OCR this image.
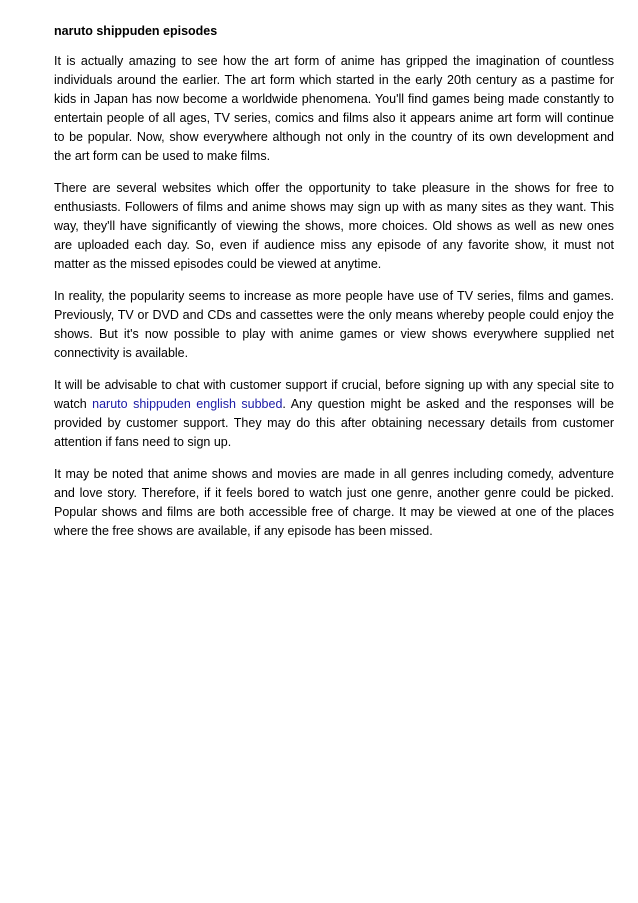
naruto shippuden episodes

It is actually amazing to see how the art form of anime has gripped the imagination of countless individuals around the earlier. The art form which started in the early 20th century as a pastime for kids in Japan has now become a worldwide phenomena. You'll find games being made constantly to entertain people of all ages, TV series, comics and films also it appears anime art form will continue to be popular. Now, show everywhere although not only in the country of its own development and the art form can be used to make films.

There are several websites which offer the opportunity to take pleasure in the shows for free to enthusiasts. Followers of films and anime shows may sign up with as many sites as they want. This way, they'll have significantly of viewing the shows, more choices. Old shows as well as new ones are uploaded each day. So, even if audience miss any episode of any favorite show, it must not matter as the missed episodes could be viewed at anytime.

In reality, the popularity seems to increase as more people have use of TV series, films and games. Previously, TV or DVD and CDs and cassettes were the only means whereby people could enjoy the shows. But it's now possible to play with anime games or view shows everywhere supplied net connectivity is available.

It will be advisable to chat with customer support if crucial, before signing up with any special site to watch naruto shippuden english subbed. Any question might be asked and the responses will be provided by customer support. They may do this after obtaining necessary details from customer attention if fans need to sign up.

It may be noted that anime shows and movies are made in all genres including comedy, adventure and love story. Therefore, if it feels bored to watch just one genre, another genre could be picked. Popular shows and films are both accessible free of charge. It may be viewed at one of the places where the free shows are available, if any episode has been missed.
